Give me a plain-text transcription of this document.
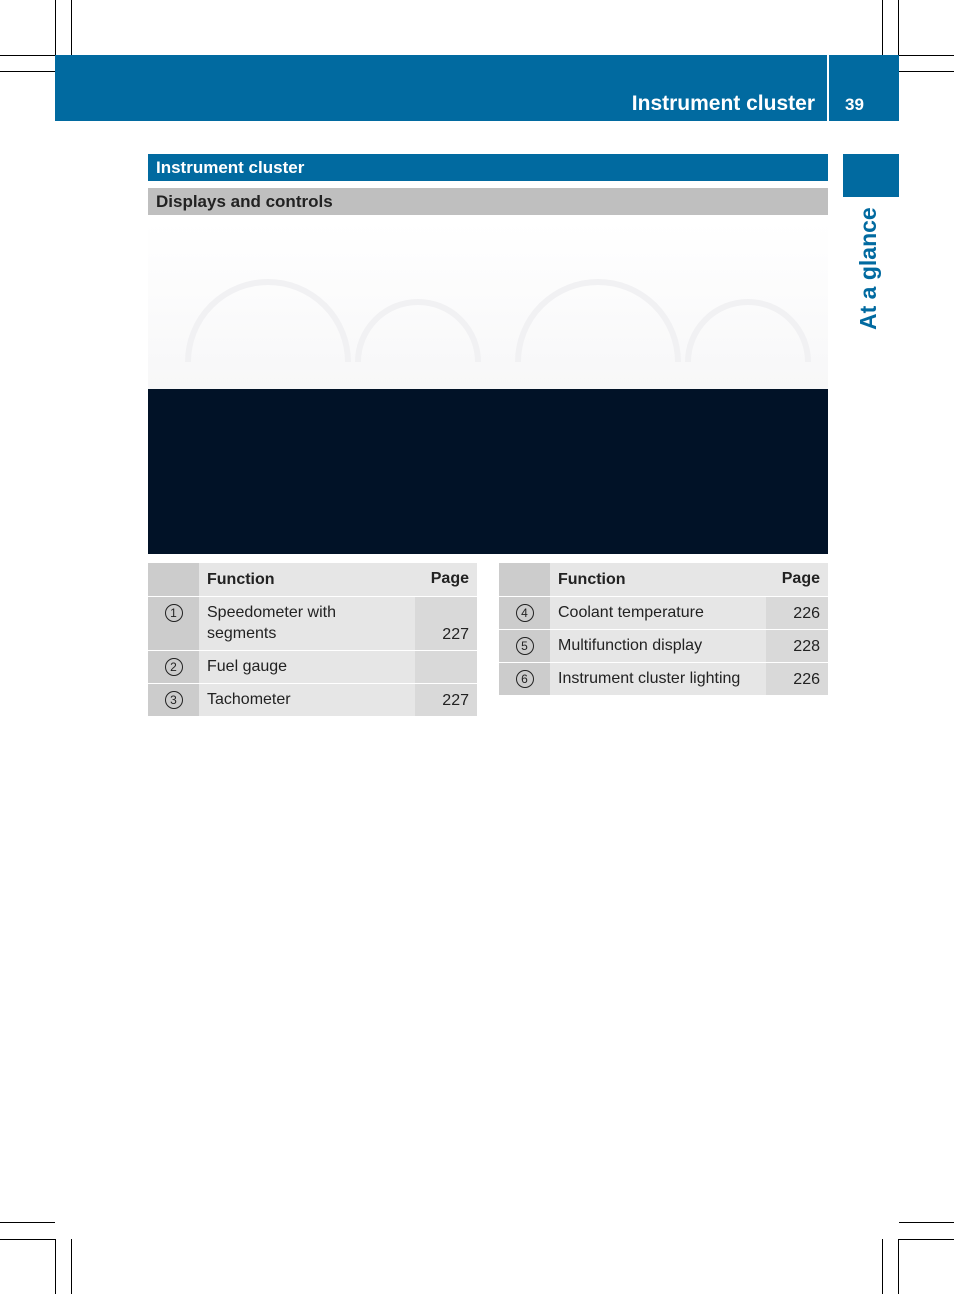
Instrument cluster 39
At a glance
Instrument cluster
Displays and controls
	Function	Page
1	Speedometer with segments	227
2	Fuel gauge	
3	Tachometer	227
	Function	Page
4	Coolant temperature	226
5	Multifunction display	228
6	Instrument cluster lighting	226
